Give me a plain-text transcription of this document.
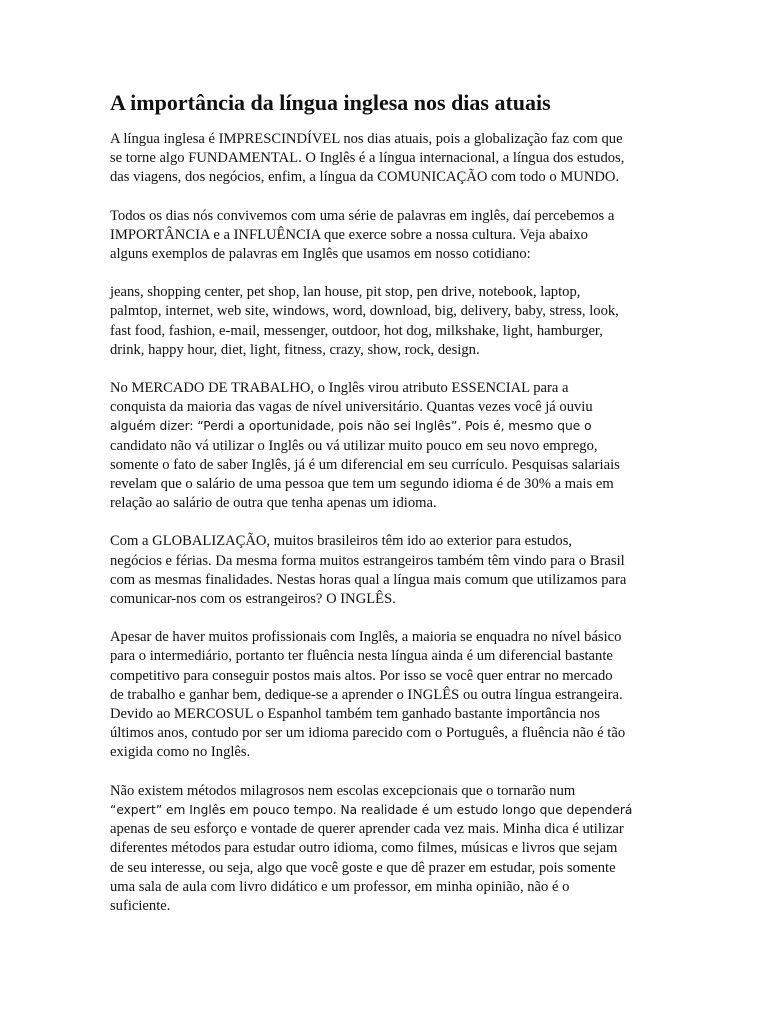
A importância da língua inglesa nos dias atuais

A língua inglesa é IMPRESCINDÍVEL nos dias atuais, pois a globalização faz com que
se torne algo FUNDAMENTAL. O Inglês é a língua internacional, a língua dos estudos,
das viagens, dos negócios, enfim, a língua da COMUNICAÇÃO com todo o MUNDO.

Todos os dias nós convivemos com uma série de palavras em inglês, daí percebemos a
IMPORTÂNCIA e a INFLUÊNCIA que exerce sobre a nossa cultura. Veja abaixo
alguns exemplos de palavras em Inglês que usamos em nosso cotidiano:

jeans, shopping center, pet shop, lan house, pit stop, pen drive, notebook, laptop,
palmtop, internet, web site, windows, word, download, big, delivery, baby, stress, look,
fast food, fashion, e-mail, messenger, outdoor, hot dog, milkshake, light, hamburger,
drink, happy hour, diet, light, fitness, crazy, show, rock, design.

No MERCADO DE TRABALHO, o Inglês virou atributo ESSENCIAL para a
conquista da maioria das vagas de nível universitário. Quantas vezes você já ouviu
alguém dizer: “Perdi a oportunidade, pois não sei Inglês”. Pois é, mesmo que o
candidato não vá utilizar o Inglês ou vá utilizar muito pouco em seu novo emprego,
somente o fato de saber Inglês, já é um diferencial em seu currículo. Pesquisas salariais
revelam que o salário de uma pessoa que tem um segundo idioma é de 30% a mais em
relação ao salário de outra que tenha apenas um idioma.

Com a GLOBALIZAÇÃO, muitos brasileiros têm ido ao exterior para estudos,
negócios e férias. Da mesma forma muitos estrangeiros também têm vindo para o Brasil
com as mesmas finalidades. Nestas horas qual a língua mais comum que utilizamos para
comunicar-nos com os estrangeiros? O INGLÊS.

Apesar de haver muitos profissionais com Inglês, a maioria se enquadra no nível básico
para o intermediário, portanto ter fluência nesta língua ainda é um diferencial bastante
competitivo para conseguir postos mais altos. Por isso se você quer entrar no mercado
de trabalho e ganhar bem, dedique-se a aprender o INGLÊS ou outra língua estrangeira.
Devido ao MERCOSUL o Espanhol também tem ganhado bastante importância nos
últimos anos, contudo por ser um idioma parecido com o Português, a fluência não é tão
exigida como no Inglês.

Não existem métodos milagrosos nem escolas excepcionais que o tornarão num
“expert” em Inglês em pouco tempo. Na realidade é um estudo longo que dependerá
apenas de seu esforço e vontade de querer aprender cada vez mais. Minha dica é utilizar
diferentes métodos para estudar outro idioma, como filmes, músicas e livros que sejam
de seu interesse, ou seja, algo que você goste e que dê prazer em estudar, pois somente
uma sala de aula com livro didático e um professor, em minha opinião, não é o
suficiente.
